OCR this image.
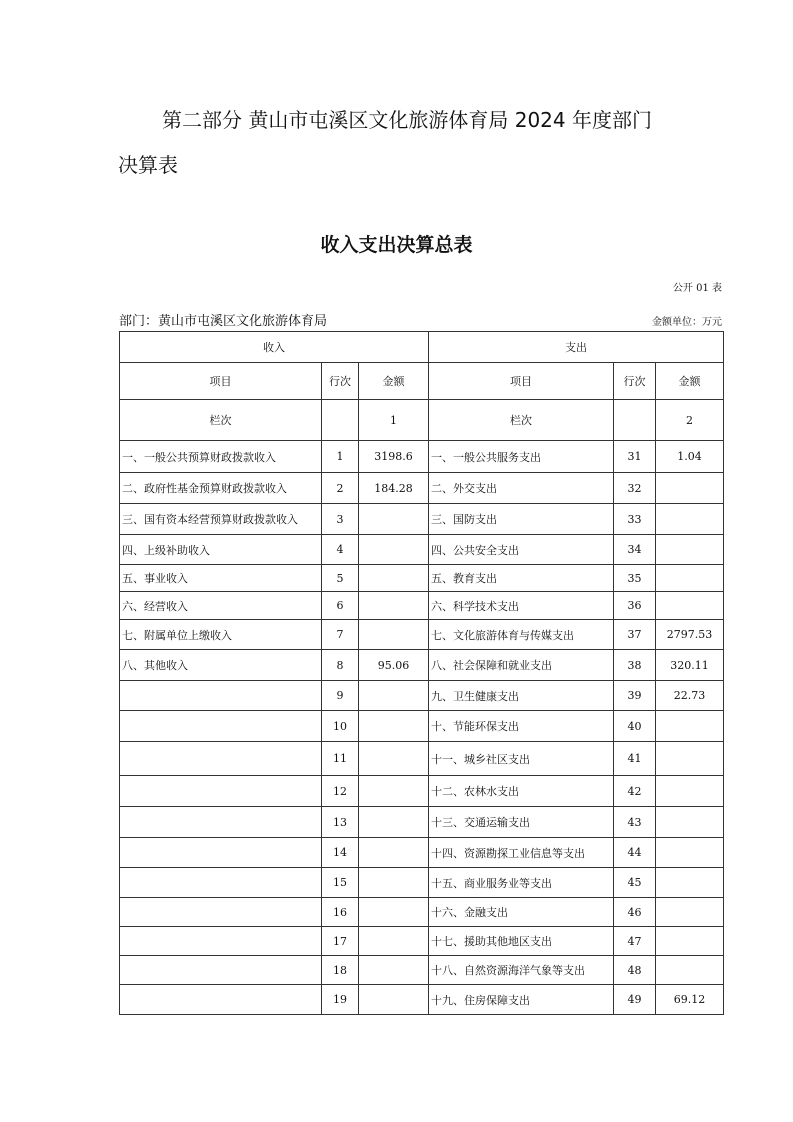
第二部分 黄山市屯溪区文化旅游体育局 2024 年度部门
决算表
收入支出决算总表
公开 01 表
部门：黄山市屯溪区文化旅游体育局	金额单位：万元
收入			支出		
项目	行次	金额	项目	行次	金额
栏次		1	栏次		2
一、一般公共预算财政拨款收入	1	3198.6	一、一般公共服务支出	31	1.04
二、政府性基金预算财政拨款收入	2	184.28	二、外交支出	32	
三、国有资本经营预算财政拨款收入	3		三、国防支出	33	
四、上级补助收入	4		四、公共安全支出	34	
五、事业收入	5		五、教育支出	35	
六、经营收入	6		六、科学技术支出	36	
七、附属单位上缴收入	7		七、文化旅游体育与传媒支出	37	2797.53
八、其他收入	8	95.06	八、社会保障和就业支出	38	320.11
	9		九、卫生健康支出	39	22.73
	10		十、节能环保支出	40	
	11		十一、城乡社区支出	41	
	12		十二、农林水支出	42	
	13		十三、交通运输支出	43	
	14		十四、资源勘探工业信息等支出	44	
	15		十五、商业服务业等支出	45	
	16		十六、金融支出	46	
	17		十七、援助其他地区支出	47	
	18		十八、自然资源海洋气象等支出	48	
	19		十九、住房保障支出	49	69.12
